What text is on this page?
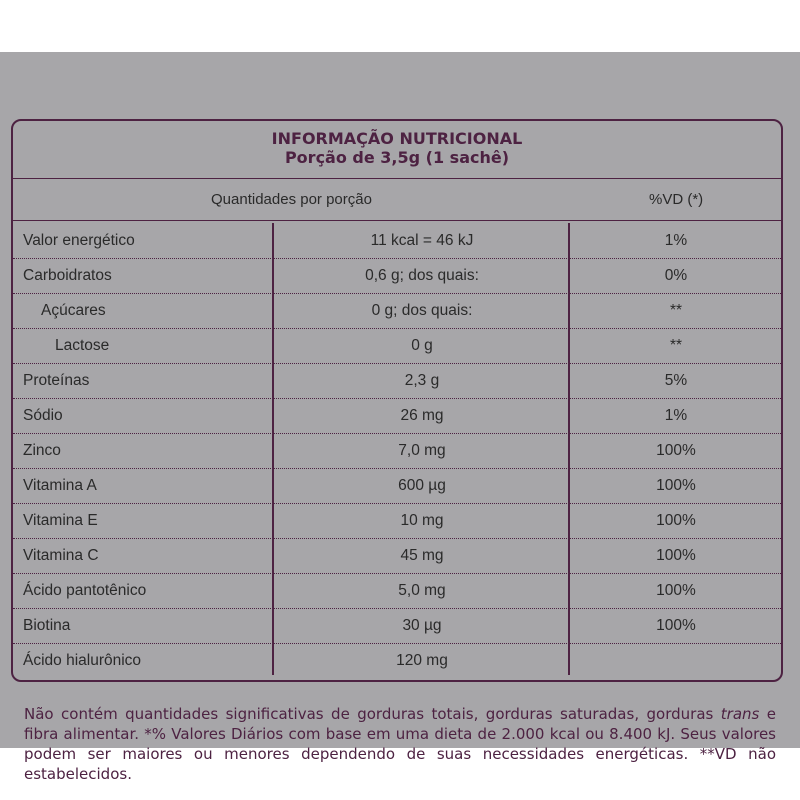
INFORMAÇÃO NUTRICIONAL
Porção de 3,5g (1 sachê)
Quantidades por porção	%VD (*)
Valor energético	11 kcal = 46 kJ	1%
Carboidratos	0,6 g; dos quais:	0%
Açúcares	0 g; dos quais:	**
Lactose	0 g	**
Proteínas	2,3 g	5%
Sódio	26 mg	1%
Zinco	7,0 mg	100%
Vitamina A	600 µg	100%
Vitamina E	10 mg	100%
Vitamina C	45 mg	100%
Ácido pantotênico	5,0 mg	100%
Biotina	30 µg	100%
Ácido hialurônico	120 mg
Não contém quantidades significativas de gorduras totais, gorduras saturadas, gorduras trans e fibra alimentar. *% Valores Diários com base em uma dieta de 2.000 kcal ou 8.400 kJ. Seus valores podem ser maiores ou menores dependendo de suas necessidades energéticas. **VD não estabelecidos.
